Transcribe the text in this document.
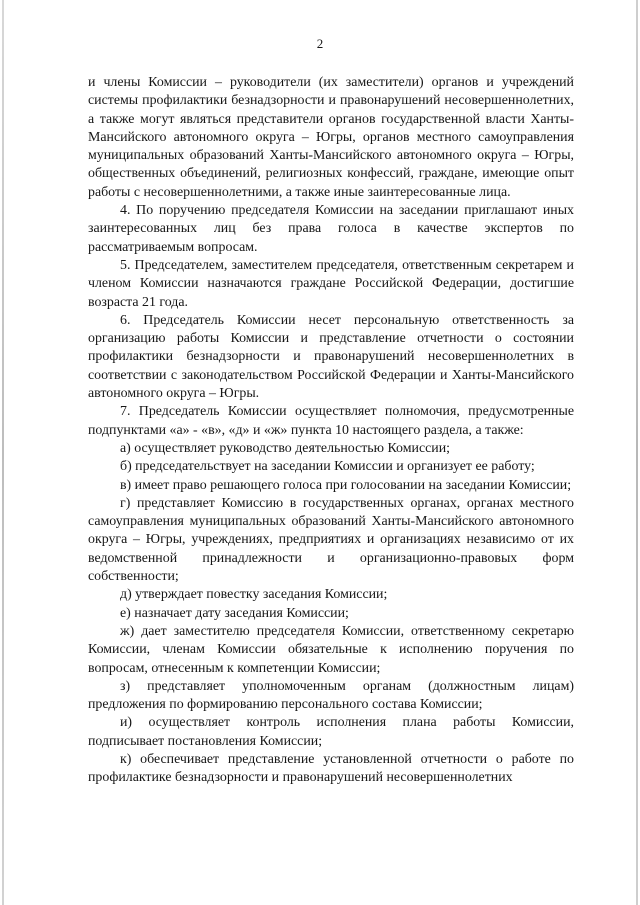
2

и члены Комиссии – руководители (их заместители) органов и учреждений системы профилактики безнадзорности и правонарушений несовершеннолетних, а также могут являться представители органов государственной власти Ханты-Мансийского автономного округа – Югры, органов местного самоуправления муниципальных образований Ханты-Мансийского автономного округа – Югры, общественных объединений, религиозных конфессий, граждане, имеющие опыт работы с несовершеннолетними, а также иные заинтересованные лица.

4. По поручению председателя Комиссии на заседании приглашают иных заинтересованных лиц без права голоса в качестве экспертов по рассматриваемым вопросам.

5. Председателем, заместителем председателя, ответственным секретарем и членом Комиссии назначаются граждане Российской Федерации, достигшие возраста 21 года.

6. Председатель Комиссии несет персональную ответственность за организацию работы Комиссии и представление отчетности о состоянии профилактики безнадзорности и правонарушений несовершеннолетних в соответствии с законодательством Российской Федерации и Ханты-Мансийского автономного округа – Югры.

7. Председатель Комиссии осуществляет полномочия, предусмотренные подпунктами «а» - «в», «д» и «ж» пункта 10 настоящего раздела, а также:

а) осуществляет руководство деятельностью Комиссии;

б) председательствует на заседании Комиссии и организует ее работу;

в) имеет право решающего голоса при голосовании на заседании Комиссии;

г) представляет Комиссию в государственных органах, органах местного самоуправления муниципальных образований Ханты-Мансийского автономного округа – Югры, учреждениях, предприятиях и организациях независимо от их ведомственной принадлежности и организационно-правовых форм собственности;

д) утверждает повестку заседания Комиссии;

е) назначает дату заседания Комиссии;

ж) дает заместителю председателя Комиссии, ответственному секретарю Комиссии, членам Комиссии обязательные к исполнению поручения по вопросам, отнесенным к компетенции Комиссии;

з) представляет уполномоченным органам (должностным лицам) предложения по формированию персонального состава Комиссии;

и) осуществляет контроль исполнения плана работы Комиссии, подписывает постановления Комиссии;

к) обеспечивает представление установленной отчетности о работе по профилактике безнадзорности и правонарушений несовершеннолетних
